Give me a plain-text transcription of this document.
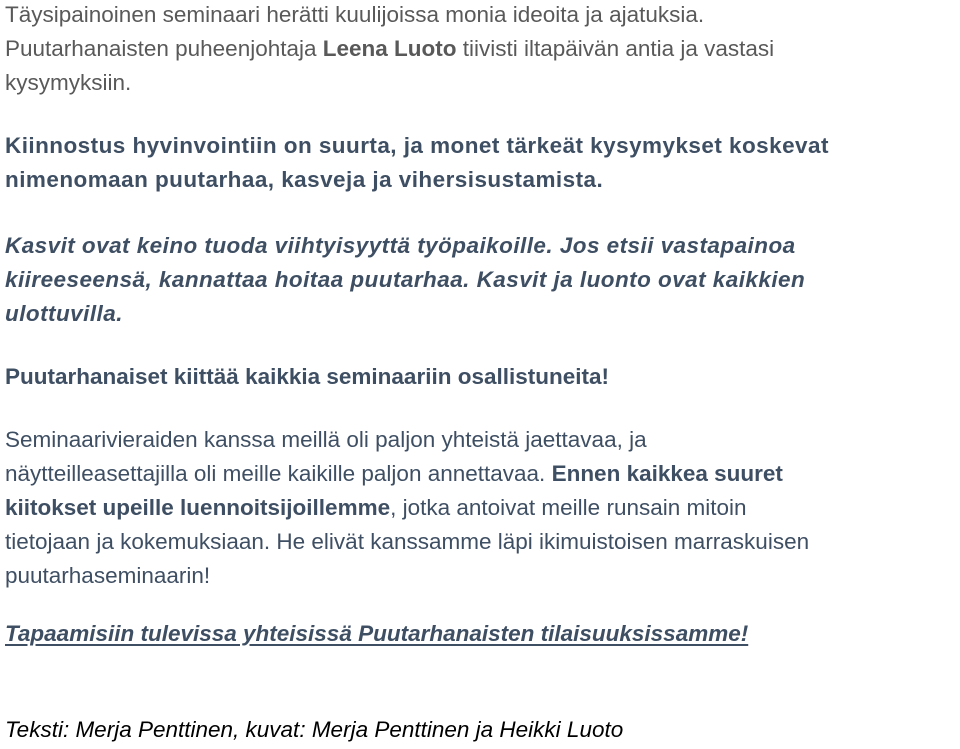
Täysipainoinen seminaari herätti kuulijoissa monia ideoita ja ajatuksia.
Puutarhanaisten puheenjohtaja Leena Luoto tiivisti iltapäivän antia ja vastasi
kysymyksiin.

Kiinnostus hyvinvointiin on suurta, ja monet tärkeät kysymykset koskevat
nimenomaan puutarhaa, kasveja ja vihersisustamista.

Kasvit ovat keino tuoda viihtyisyyttä työpaikoille. Jos etsii vastapainoa
kiireeseensä, kannattaa hoitaa puutarhaa. Kasvit ja luonto ovat kaikkien
ulottuvilla.

Puutarhanaiset kiittää kaikkia seminaariin osallistuneita!

Seminaarivieraiden kanssa meillä oli paljon yhteistä jaettavaa, ja
näytteilleasettajilla oli meille kaikille paljon annettavaa. Ennen kaikkea suuret
kiitokset upeille luennoitsijoillemme, jotka antoivat meille runsain mitoin
tietojaan ja kokemuksiaan. He elivät kanssamme läpi ikimuistoisen marraskuisen
puutarhaseminaarin!

Tapaamisiin tulevissa yhteisissä Puutarhanaisten tilaisuuksissamme!

Teksti: Merja Penttinen, kuvat: Merja Penttinen ja Heikki Luoto
